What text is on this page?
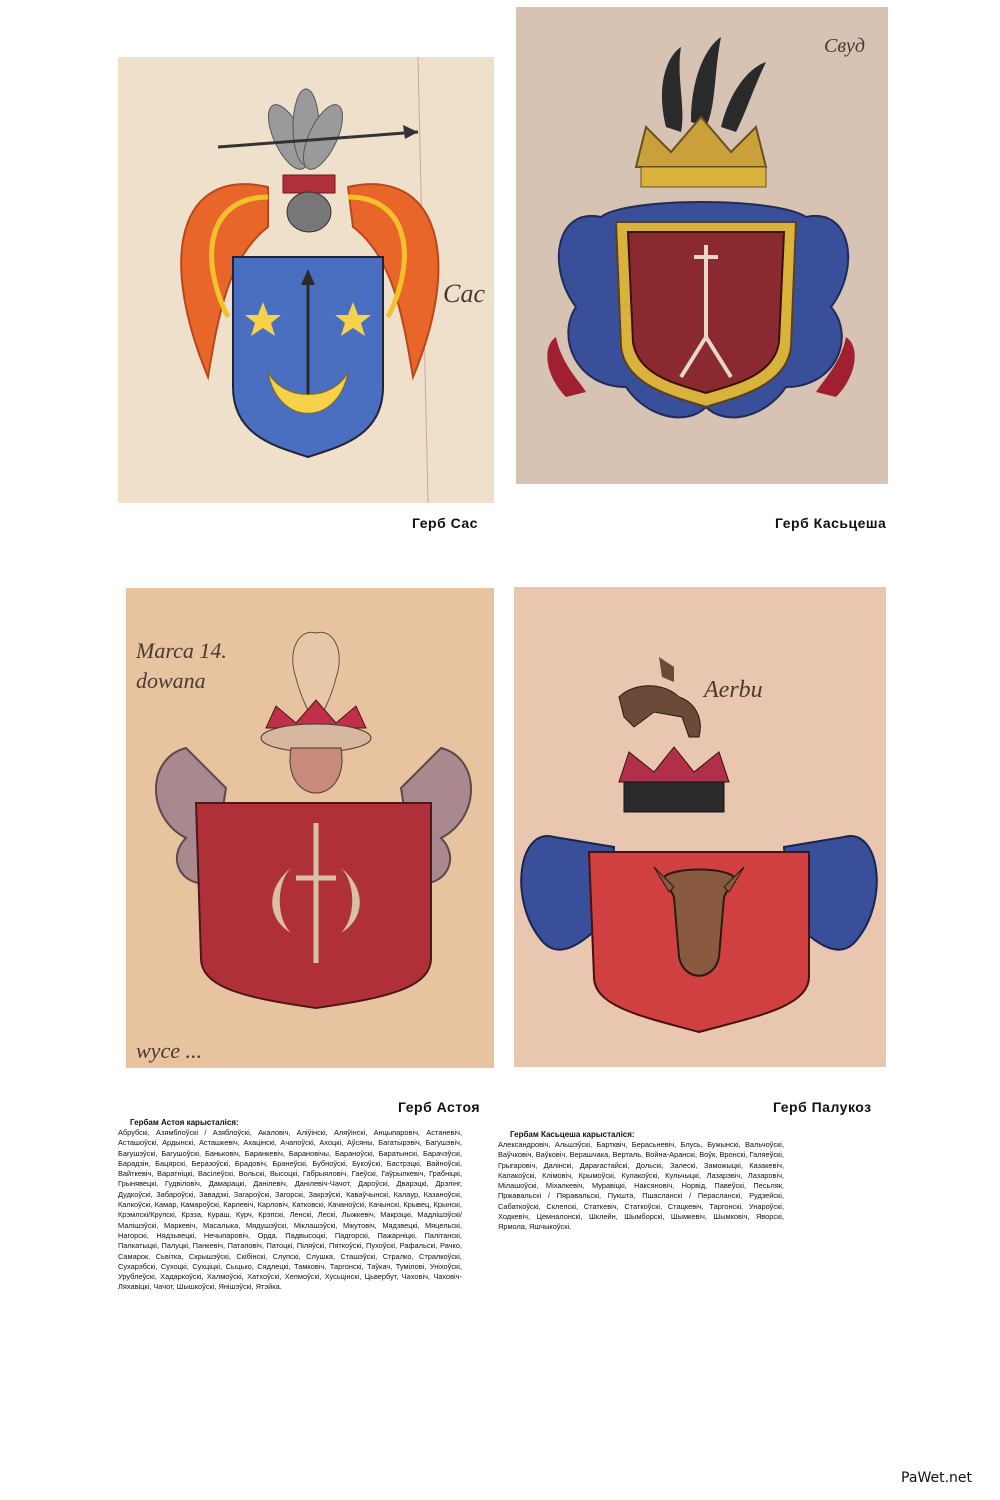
Сас
Свуд
Marca 14.
dowana
wyce ...
Aerbu
Герб Сас	Герб Касьцеша
Герб Астоя	Герб Палукоз
Гербам Астоя карысталіся:

Абрубскі, Азямблоўскі / Азяблоўскі, Акаловіч, Аліўінскі, Аляўінскі, Анцыпаровіч, Астаневіч, Асташоўскі, Ардынскі, Асташкевіч, Ахацінскі, Ачапоўскі, Ахоцкі, Аўсяны, Багатырэвіч, Багушэвіч, Багушэўскі, Багушоўскі, Баньковіч, Баранкевіч, Барановічы, Бараноўскі, Баратынскі, Барачэўскі, Барадзін, Бацярскі, Беразоўскі, Брадовіч, Бранеўскі, Бубноўскі, Букоўскі, Бастрэцкі, Вайноўскі, Вайткевіч, Варатніцкі, Васілеўскі, Вольскі, Высоцкі, Габрыяловіч, Гаеўскі, Гаўрылкевіч, Грабніцкі, Грынявецкі, Гудвіловіч, Дамарацкі, Данілевіч, Данілевіч-Чачот, Дароўскі, Дварэцкі, Дрэлінг, Дудкоўскі, Забароўскі, Завадзкі, Загароўскі, Загорскі, Закрэўскі, Каваўчынскі, Калаур, Казаноўскі, Калкоўскі, Камар, Камароўскі, Карлевіч, Карловіч, Катковскі, Качаноўскі, Качынскі, Крывец, Крынскі, Крэмлскі/Крупскі, Крэза, Кураш, Курч, Крэпскі, Ленскі, Лескі, Лыжкевіч, Макрэцкі, Мадлішэўскі/Малішэўскі, Маркевіч, Масалыка, Мядушэўскі, Міклашэўскі, Мікутовіч, Мядзвецкі, Мяцельскі, Нагорскі, Нядзьвецкі, Нечыпаровіч, Орда, Падвысоцкі, Падгорскі, Пажарніцкі, Палітанскі, Палкатыцкі, Палуцкі, Панкевіч, Патаповіч, Патоцкі, Піляўскі, Пяткоўскі, Пухоўскі, Рафальскі, Рачко, Самарок, Сьвітка, Скрышэўскі, Скібінскі, Слупскі, Слушка, Сташэўскі, Стралко, Стралкоўскі, Сухарэбскі, Сухоцкі, Сухціцкі, Сыцько, Сядлецкі, Тамковіч, Таргонскі, Таўкач, Тумілові, Уніхоўскі, Урублеўскі, Хадаркоўскі, Халмоўскі, Хатхоўскі, Хелмоўскі, Хусьцінскі, Цьвербут, Чаховіч, Чаховіч-Ляхавіцкі, Чачот, Шышкоўскі, Янішэўскі, Ятэйка.

Гербам Касьцеша карысталіся:

Александровіч, Альшэўскі, Бартквіч, Берасьневіч, Блусь, Бужынскі, Вальчоўскі, Ваўчковіч, Ваўковіч, Верашчака, Верталь, Войнa-Аранскі, Воўк, Вронскі, Галяеўскі, Грыгаровіч, Далінскі, Дарагастайскі, Дольскі, Залескі, Заможыцкі, Казакевіч, Калакоўскі, Клімовіч, Крымоўскі, Кулакоўскі, Кульчыцкі, Лазарэвіч, Лазаровіч, Мілашоўскі, Міхалкевіч, Муравіцкі, Наксяновіч, Норвід, Павеўскі, Песьляк, Пржавальскі / Пяравальскі, Пукшта, Пшасланскі / Перасланскі, Рудзейскі, Сабаткоўскі, Склепскі, Статкевіч, Статкоўскі, Стацкевіч, Таргонскі, Унароўскі, Ходкевіч, Цемналонскі, Шклейн, Шымборскі, Шымкевіч, Шымковіч, Яворскі, Ярмола, Яшчыкоўскі.

PaWet.net
